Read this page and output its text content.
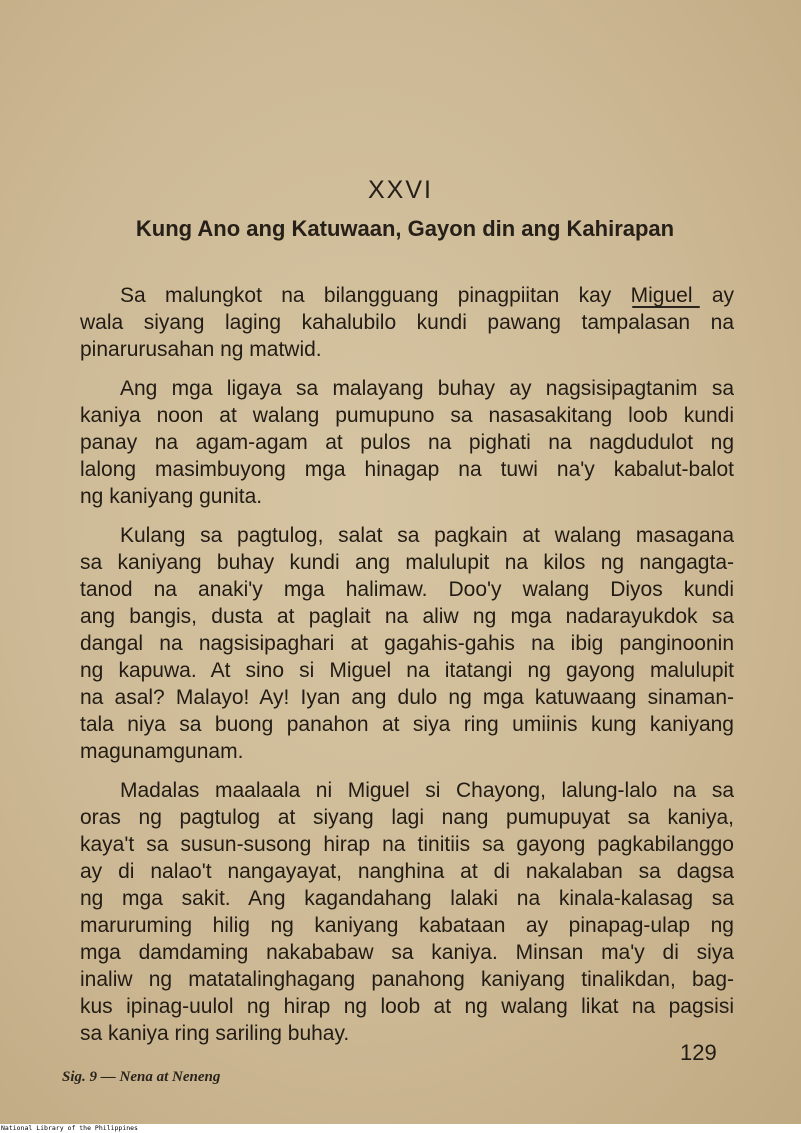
XXVI
Kung Ano ang Katuwaan, Gayon din ang Kahirapan
Sa malungkot na bilangguang pinagpiitan kay Miguel ay
wala siyang laging kahalubilo kundi pawang tampalasan na
pinarurusahan ng matwid.
Ang mga ligaya sa malayang buhay ay nagsisipagtanim sa
kaniya noon at walang pumupuno sa nasasakitang loob kundi
panay na agam-agam at pulos na pighati na nagdudulot ng
lalong masimbuyong mga hinagap na tuwi na'y kabalut-balot
ng kaniyang gunita.
Kulang sa pagtulog, salat sa pagkain at walang masagana
sa kaniyang buhay kundi ang malulupit na kilos ng nangagta-
tanod na anaki'y mga halimaw. Doo'y walang Diyos kundi
ang bangis, dusta at paglait na aliw ng mga nadarayukdok sa
dangal na nagsisipaghari at gagahis-gahis na ibig panginoonin
ng kapuwa. At sino si Miguel na itatangi ng gayong malulupit
na asal? Malayo! Ay! Iyan ang dulo ng mga katuwaang sinaman-
tala niya sa buong panahon at siya ring umiinis kung kaniyang
magunamgunam.
Madalas maalaala ni Miguel si Chayong, lalung-lalo na sa
oras ng pagtulog at siyang lagi nang pumupuyat sa kaniya,
kaya't sa susun-susong hirap na tinitiis sa gayong pagkabilanggo
ay di nalao't nangayayat, nanghina at di nakalaban sa dagsa
ng mga sakit. Ang kagandahang lalaki na kinala-kalasag sa
maruruming hilig ng kaniyang kabataan ay pinapag-ulap ng
mga damdaming nakababaw sa kaniya. Minsan ma'y di siya
inaliw ng matatalinghagang panahong kaniyang tinalikdan, bag-
kus ipinag-uulol ng hirap ng loob at ng walang likat na pagsisi
sa kaniya ring sariling buhay.
129
Sig. 9 — Nena at Neneng
National Library of the Philippines
